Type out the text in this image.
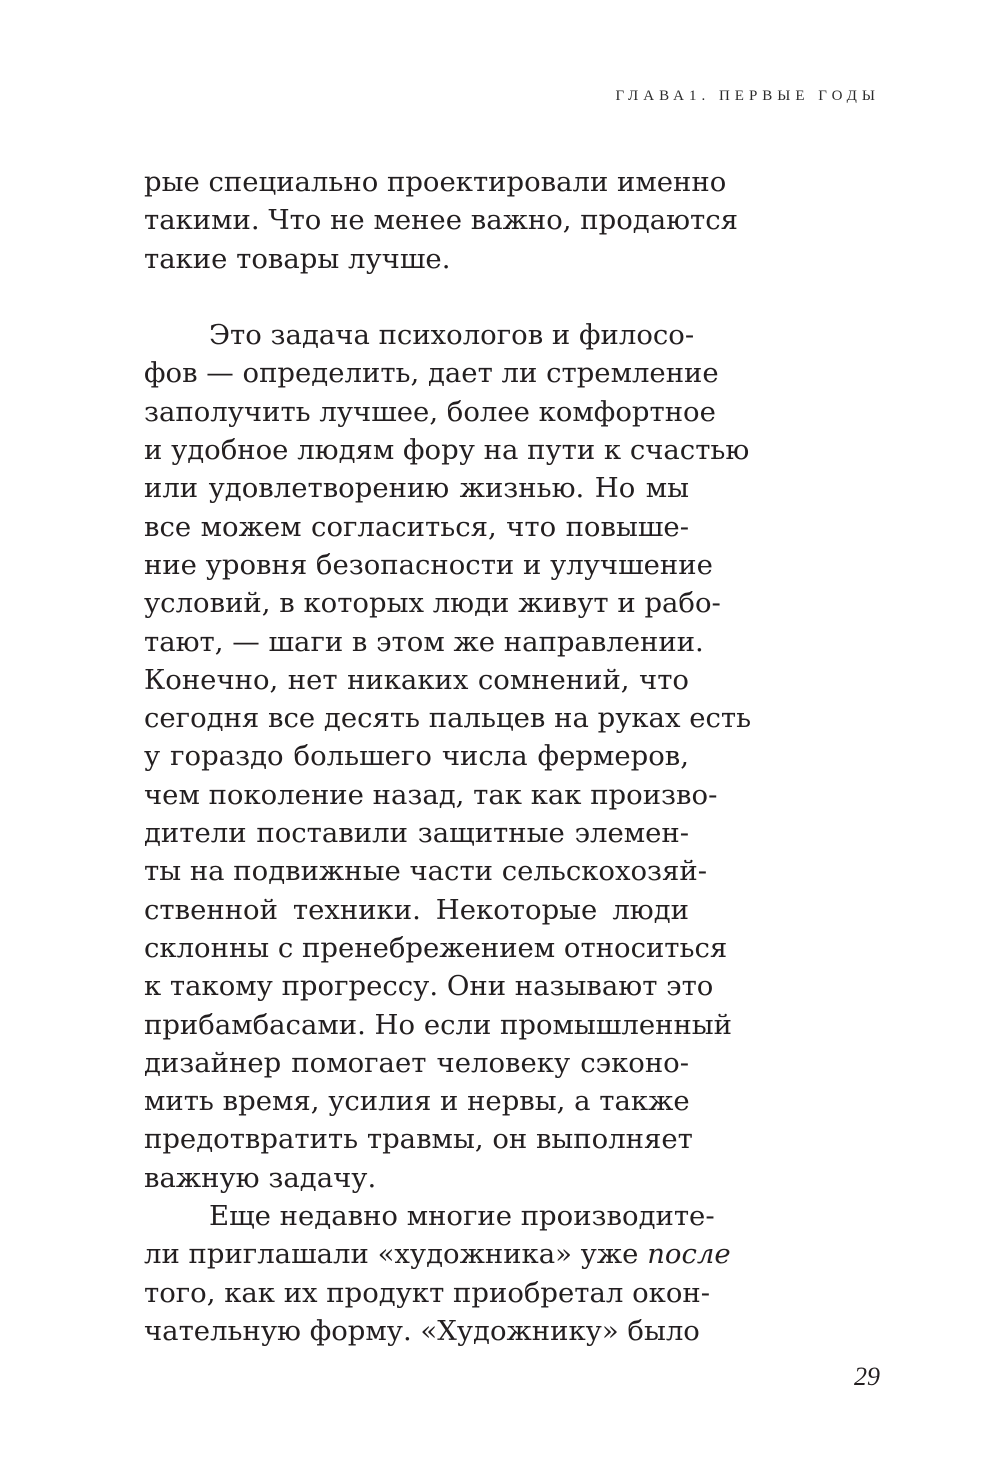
ГЛАВА1. ПЕРВЫЕ ГОДЫ
рые специально проектировали именно
такими. Что не менее важно, продаются
такие товары лучше.
Это задача психологов и филосо-
фов — определить, дает ли стремление
заполучить лучшее, более комфортное
и удобное людям фору на пути к счастью
или удовлетворению жизнью. Но мы
все можем согласиться, что повыше-
ние уровня безопасности и улучшение
условий, в которых люди живут и рабо-
тают, — шаги в этом же направлении.
Конечно, нет никаких сомнений, что
сегодня все десять пальцев на руках есть
у гораздо большего числа фермеров,
чем поколение назад, так как произво-
дители поставили защитные элемен-
ты на подвижные части сельскохозяй-
ственной техники. Некоторые люди
склонны с пренебрежением относиться
к такому прогрессу. Они называют это
прибамбасами. Но если промышленный
дизайнер помогает человеку сэконо-
мить время, усилия и нервы, а также
предотвратить травмы, он выполняет
важную задачу.
Еще недавно многие производите-
ли приглашали «художника» уже после
того, как их продукт приобретал окон-
чательную форму. «Художнику» было
29
